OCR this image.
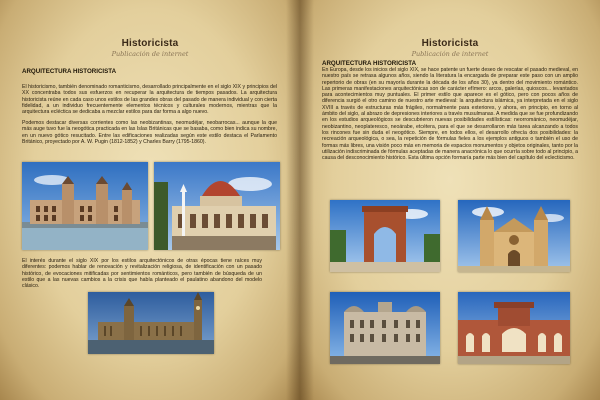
Historicista
Publicación de internet
ARQUITECTURA HISTORICISTA

El historicismo, también denominado romanticismo, desarrollado principalmente en el siglo XIX y principios del XX concentraba todos sus esfuerzos en recuperar la arquitectura de tiempos pasados. La arquitectura historicista reúne en cada caso unos estilos de las grandes obras del pasado de manera individual y con cierta fidelidad, a un individuo frecuentemente elementos técnicos y culturales modernos, mientras que la arquitectura ecléctica se dedicaba a mezclar estilos para dar forma a algo nuevo.

Podemos destacar diversas corrientes como las neobizantinas, neomudéjar, neobarrocas... aunque la que más auge tuvo fue la neogótica practicada en las Islas Británicas que se basaba, como bien indica su nombre, en un nuevo gótico resucitado. Entre las edificaciones realizadas según este estilo destaca el Parlamento Británico, proyectado por A. W. Pugin (1812-1852) y Charles Barry (1795-1860).

El interés durante el siglo XIX por los estilos arquitectónicos de otras épocas tiene raíces muy diferentes: podemos hablar de renovación y revitalización religiosa, de identificación con un pasado histórico, de evocaciones mitificadas por sentimientos románticos, pero también de búsqueda de un estilo que a las nuevas cambios a la crisis que había planteado el paulatino abandono del modelo clásico.

Historicista
Publicación de internet
ARQUITECTURA HISTORICISTA

En Europa, desde los inicios del siglo XIX, se hace patente un fuerte deseo de rescatar el pasado medieval, en nuestro país se retrasa algunos años, siendo la literatura la encargada de preparar este paso con un amplio repertorio de obras (en su mayoría durante la década de los años 30), ya dentro del movimiento romántico. Las primeras manifestaciones arquitectónicas son de carácter efímero: arcos, galerías, quioscos... levantados para acontecimientos muy puntuales. El primer estilo que aparece es el gótico, pero con pocos años de diferencia surgió el otro camino de nuestro arte medieval: la arquitectura islámica, ya interpretada en el siglo XVIII a través de estructuras más frágiles, normalmente para exteriores, y ahora, en principio, en torno al ámbito del siglo, al abrazo de depresiones interiores a través musulmanas. A medida que se fue profundizando en los estudios arqueológicos se descubrieron nuevas posibilidades estilísticas: neorrománico, neomudéjar, neobizantino, neoplateresco, neoárabe, etcétera, para el que se desarrollaron más tarea alcanzando a todos los rincones fue sin duda el neogótico. Siempre, en todos ellos, el desarrollo ofrecía dos posibilidades: la recreación arqueológica, o sea, la repetición de fórmulas fieles a los ejemplos antiguos o también el uso de formas más libres, una visión poco más en memoria de espacios monumentos y objetos originales, tanto por la utilización indiscriminada de fórmulas aceptadas de manera anacrónica lo que ocurría sobre todo al principio, a causa del desconocimiento histórico. Esta última opción formaría parte más bien del capítulo del eclecticismo.
